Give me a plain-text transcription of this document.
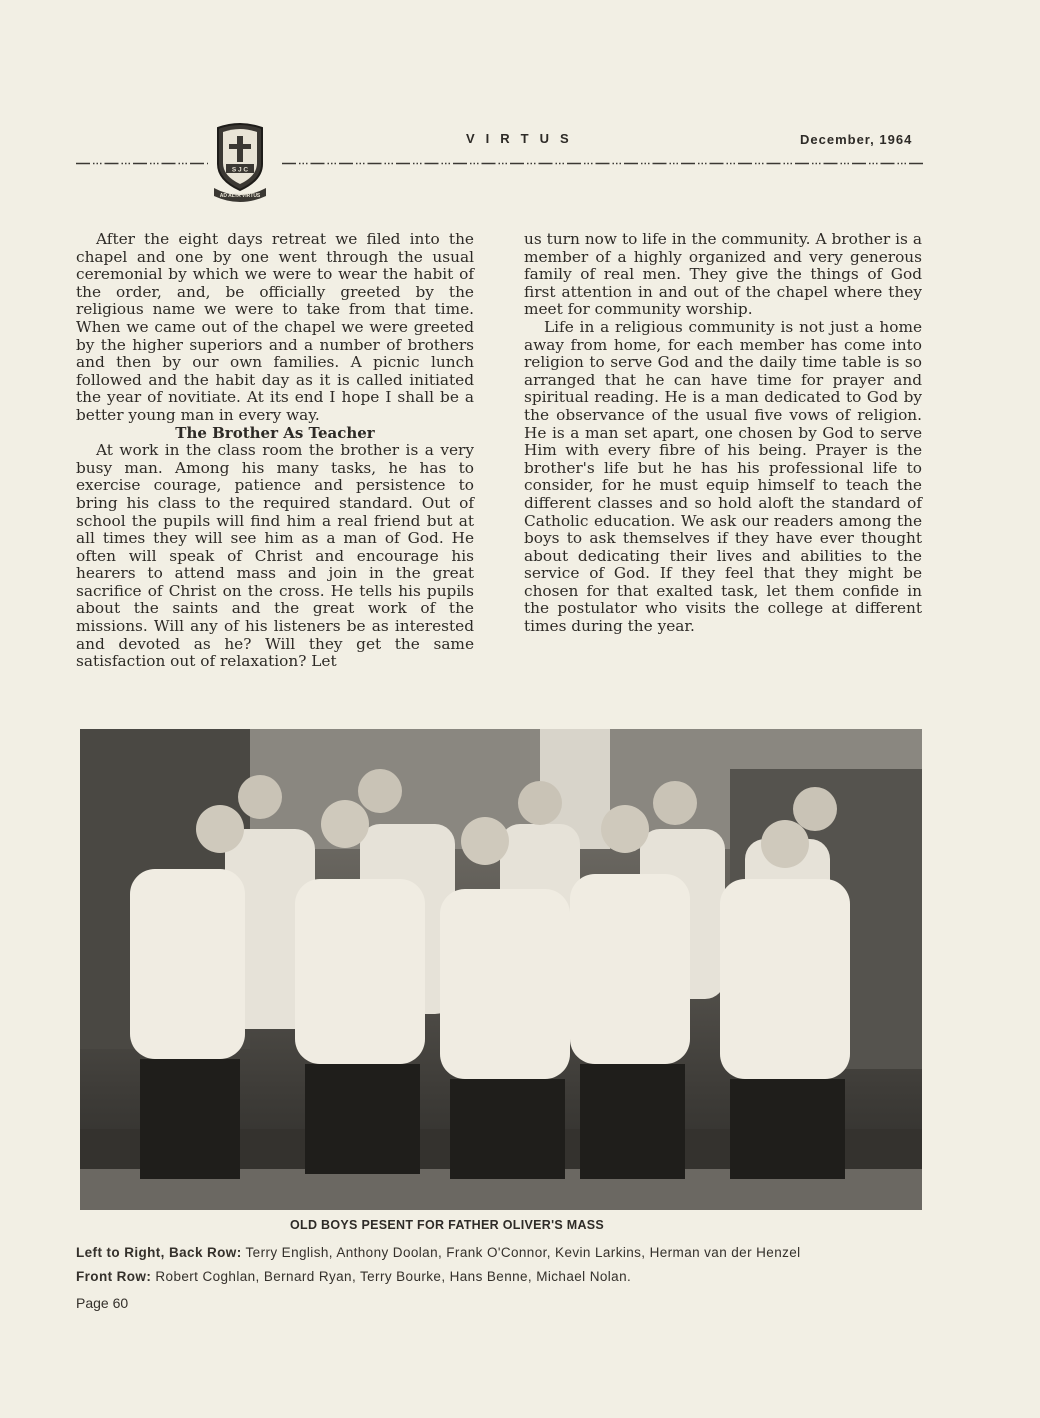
S J C
AD ALTA VIRTUS
VIRTUS	December, 1964

After the eight days retreat we filed into the chapel and one by one went through the usual ceremonial by which we were to wear the habit of the order, and, be officially greeted by the religious name we were to take from that time. When we came out of the chapel we were greeted by the higher superiors and a number of brothers and then by our own families. A picnic lunch followed and the habit day as it is called initiated the year of novitiate. At its end I hope I shall be a better young man in every way.

The Brother As Teacher

At work in the class room the brother is a very busy man. Among his many tasks, he has to exercise courage, patience and persistence to bring his class to the required standard. Out of school the pupils will find him a real friend but at all times they will see him as a man of God. He often will speak of Christ and encourage his hearers to attend mass and join in the great sacrifice of Christ on the cross. He tells his pupils about the saints and the great work of the missions. Will any of his listeners be as interested and devoted as he? Will they get the same satisfaction out of relaxation? Let

us turn now to life in the community. A brother is a member of a highly organized and very generous family of real men. They give the things of God first attention in and out of the chapel where they meet for community worship.

Life in a religious community is not just a home away from home, for each member has come into religion to serve God and the daily time table is so arranged that he can have time for prayer and spiritual reading. He is a man dedicated to God by the observance of the usual five vows of religion. He is a man set apart, one chosen by God to serve Him with every fibre of his being. Prayer is the brother's life but he has his professional life to consider, for he must equip himself to teach the different classes and so hold aloft the standard of Catholic education. We ask our readers among the boys to ask themselves if they have ever thought about dedicating their lives and abilities to the service of God. If they feel that they might be chosen for that exalted task, let them confide in the postulator who visits the college at different times during the year.

OLD BOYS PESENT FOR FATHER OLIVER'S MASS
Left to Right, Back Row: Terry English, Anthony Doolan, Frank O'Connor, Kevin Larkins, Herman van der Henzel
Front Row: Robert Coghlan, Bernard Ryan, Terry Bourke, Hans Benne, Michael Nolan.
Page 60
